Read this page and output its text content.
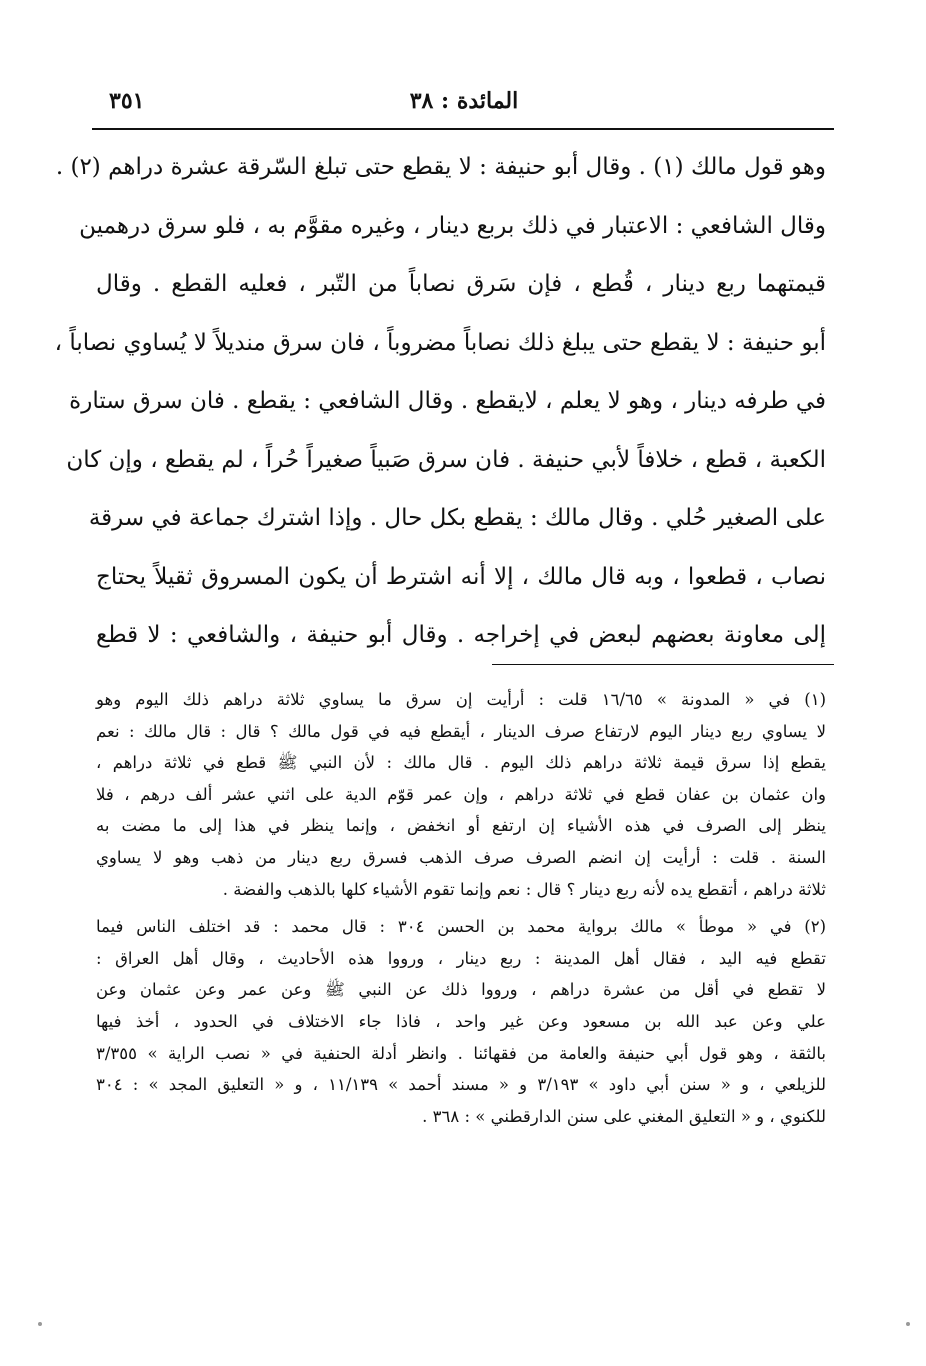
المائدة : ٣٨
٣٥١
وهو قول مالك (١) . وقال أبو حنيفة : لا يقطع حتى تبلغ السّرقة عشرة دراهم (٢) .
وقال الشافعي : الاعتبار في ذلك بربع دينار ، وغيره مقوَّم به ، فلو سرق درهمين
قيمتهما ربع دينار ، قُطع ، فإن سَرق نصاباً من التّبر ، فعليه القطع . وقال
أبو حنيفة : لا يقطع حتى يبلغ ذلك نصاباً مضروباً ، فان سرق منديلاً لا يُساوي نصاباً ،
في طرفه دينار ، وهو لا يعلم ، لايقطع . وقال الشافعي : يقطع . فان سرق ستارة
الكعبة ، قطع ، خلافاً لأبي حنيفة . فان سرق صَبياً صغيراً حُراً ، لم يقطع ، وإن كان
على الصغير حُلي . وقال مالك : يقطع بكل حال . وإذا اشترك جماعة في سرقة
نصاب ، قطعوا ، وبه قال مالك ، إلا أنه اشترط أن يكون المسروق ثقيلاً يحتاج
إلى معاونة بعضهم لبعض في إخراجه . وقال أبو حنيفة ، والشافعي : لا قطع
(١) في « المدونة » ١٦/٦٥ قلت : أرأيت إن سرق ما يساوي ثلاثة دراهم ذلك اليوم وهو
لا يساوي ربع دينار اليوم لارتفاع صرف الدينار ، أيقطع فيه في قول مالك ؟ قال : قال مالك : نعم
يقطع إذا سرق قيمة ثلاثة دراهم ذلك اليوم . قال مالك : لأن النبي ﷺ قطع في ثلاثة دراهم ،
وان عثمان بن عفان قطع في ثلاثة دراهم ، وإن عمر قوّم الدية على اثني عشر ألف درهم ، فلا
ينظر إلى الصرف في هذه الأشياء إن ارتفع أو انخفض ، وإنما ينظر في هذا إلى ما مضت به
السنة . قلت : أرأيت إن انضم الصرف صرف الذهب فسرق ربع دينار من ذهب وهو لا يساوي
ثلاثة دراهم ، أتقطع يده لأنه ربع دينار ؟ قال : نعم وإنما تقوم الأشياء كلها بالذهب والفضة .
(٢) في « موطأ » مالك برواية محمد بن الحسن ٣٠٤ : قال محمد : قد اختلف الناس فيما
تقطع فيه اليد ، فقال أهل المدينة : ربع دينار ، ورووا هذه الأحاديث ، وقال أهل العراق :
لا تقطع في أقل من عشرة دراهم ، ورووا ذلك عن النبي ﷺ وعن عمر وعن عثمان وعن
علي وعن عبد الله بن مسعود وعن غير واحد ، فاذا جاء الاختلاف في الحدود ، أخذ فيها
بالثقة ، وهو قول أبي حنيفة والعامة من فقهائنا . وانظر أدلة الحنفية في « نصب الراية » ٣/٣٥٥
للزيلعي ، و « سنن أبي داود » ٣/١٩٣ و « مسند أحمد » ١١/١٣٩ ، و « التعليق المجد » : ٣٠٤
للكنوي ، و « التعليق المغني على سنن الدارقطني » : ٣٦٨ .
